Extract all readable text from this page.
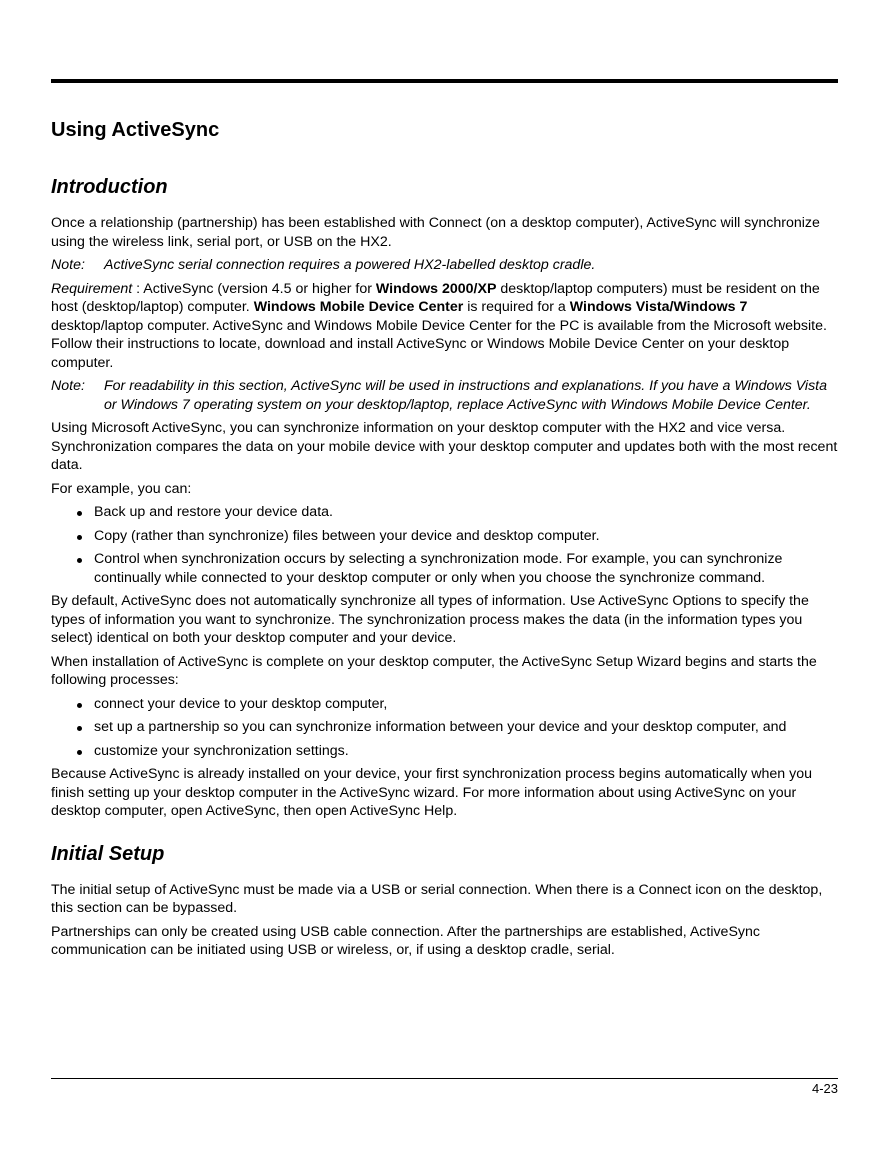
Using ActiveSync
Introduction

Once a relationship (partnership) has been established with Connect (on a desktop computer), ActiveSync will synchronize using the wireless link, serial port, or USB on the HX2.

Note: ActiveSync serial connection requires a powered HX2-labelled desktop cradle.

Requirement : ActiveSync (version 4.5 or higher for Windows 2000/XP desktop/laptop computers) must be resident on the host (desktop/laptop) computer. Windows Mobile Device Center is required for a Windows Vista/Windows 7 desktop/laptop computer. ActiveSync and Windows Mobile Device Center for the PC is available from the Microsoft website. Follow their instructions to locate, download and install ActiveSync or Windows Mobile Device Center on your desktop computer.

Note: For readability in this section, ActiveSync will be used in instructions and explanations. If you have a Windows Vista or Windows 7 operating system on your desktop/laptop, replace ActiveSync with Windows Mobile Device Center.

Using Microsoft ActiveSync, you can synchronize information on your desktop computer with the HX2 and vice versa. Synchronization compares the data on your mobile device with your desktop computer and updates both with the most recent data.

For example, you can:

Back up and restore your device data.
Copy (rather than synchronize) files between your device and desktop computer.
Control when synchronization occurs by selecting a synchronization mode. For example, you can synchronize continually while connected to your desktop computer or only when you choose the synchronize command.

By default, ActiveSync does not automatically synchronize all types of information. Use ActiveSync Options to specify the types of information you want to synchronize. The synchronization process makes the data (in the information types you select) identical on both your desktop computer and your device.

When installation of ActiveSync is complete on your desktop computer, the ActiveSync Setup Wizard begins and starts the following processes:

connect your device to your desktop computer,
set up a partnership so you can synchronize information between your device and your desktop computer, and
customize your synchronization settings.

Because ActiveSync is already installed on your device, your first synchronization process begins automatically when you finish setting up your desktop computer in the ActiveSync wizard. For more information about using ActiveSync on your desktop computer, open ActiveSync, then open ActiveSync Help.

Initial Setup

The initial setup of ActiveSync must be made via a USB or serial connection. When there is a Connect icon on the desktop, this section can be bypassed.

Partnerships can only be created using USB cable connection. After the partnerships are established, ActiveSync communication can be initiated using USB or wireless, or, if using a desktop cradle, serial.

4-23
